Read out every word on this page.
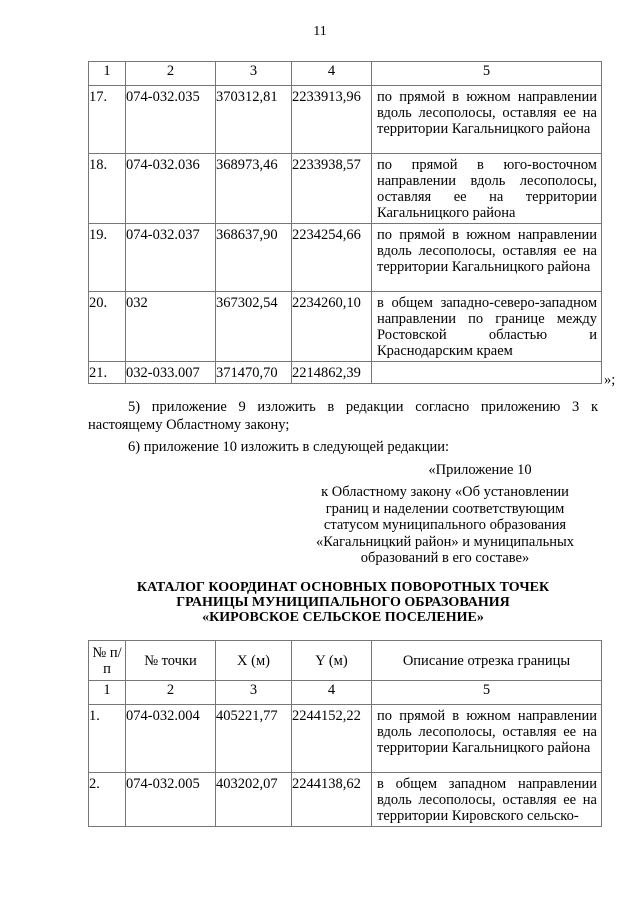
11
1	2	3	4	5
17.	074-032.035	370312,81	2233913,96	по прямой в южном направлении вдоль лесополосы, оставляя ее на территории Кагальницкого района
18.	074-032.036	368973,46	2233938,57	по прямой в юго-восточном направлении вдоль лесополосы, оставляя ее на территории Кагальницкого района
19.	074-032.037	368637,90	2234254,66	по прямой в южном направлении вдоль лесополосы, оставляя ее на территории Кагальницкого района
20.	032	367302,54	2234260,10	в общем западно-северо-западном направлении по границе между Ростовской областью и Краснодарским краем
21.	032-033.007	371470,70	2214862,39		»;
5) приложение 9 изложить в редакции согласно приложению 3 к настоящему Областному закону;
6) приложение 10 изложить в следующей редакции:
«Приложение 10
к Областному закону «Об установлении границ и наделении соответствующим статусом муниципального образования «Кагальницкий район» и муниципальных образований в его составе»
КАТАЛОГ КООРДИНАТ ОСНОВНЫХ ПОВОРОТНЫХ ТОЧЕК
ГРАНИЦЫ МУНИЦИПАЛЬНОГО ОБРАЗОВАНИЯ
«КИРОВСКОЕ СЕЛЬСКОЕ ПОСЕЛЕНИЕ»
№ п/п	№ точки	X (м)	Y (м)	Описание отрезка границы
1	2	3	4	5
1.	074-032.004	405221,77	2244152,22	по прямой в южном направлении вдоль лесополосы, оставляя ее на территории Кагальницкого района
2.	074-032.005	403202,07	2244138,62	в общем западном направлении вдоль лесополосы, оставляя ее на территории Кировского сельско-
